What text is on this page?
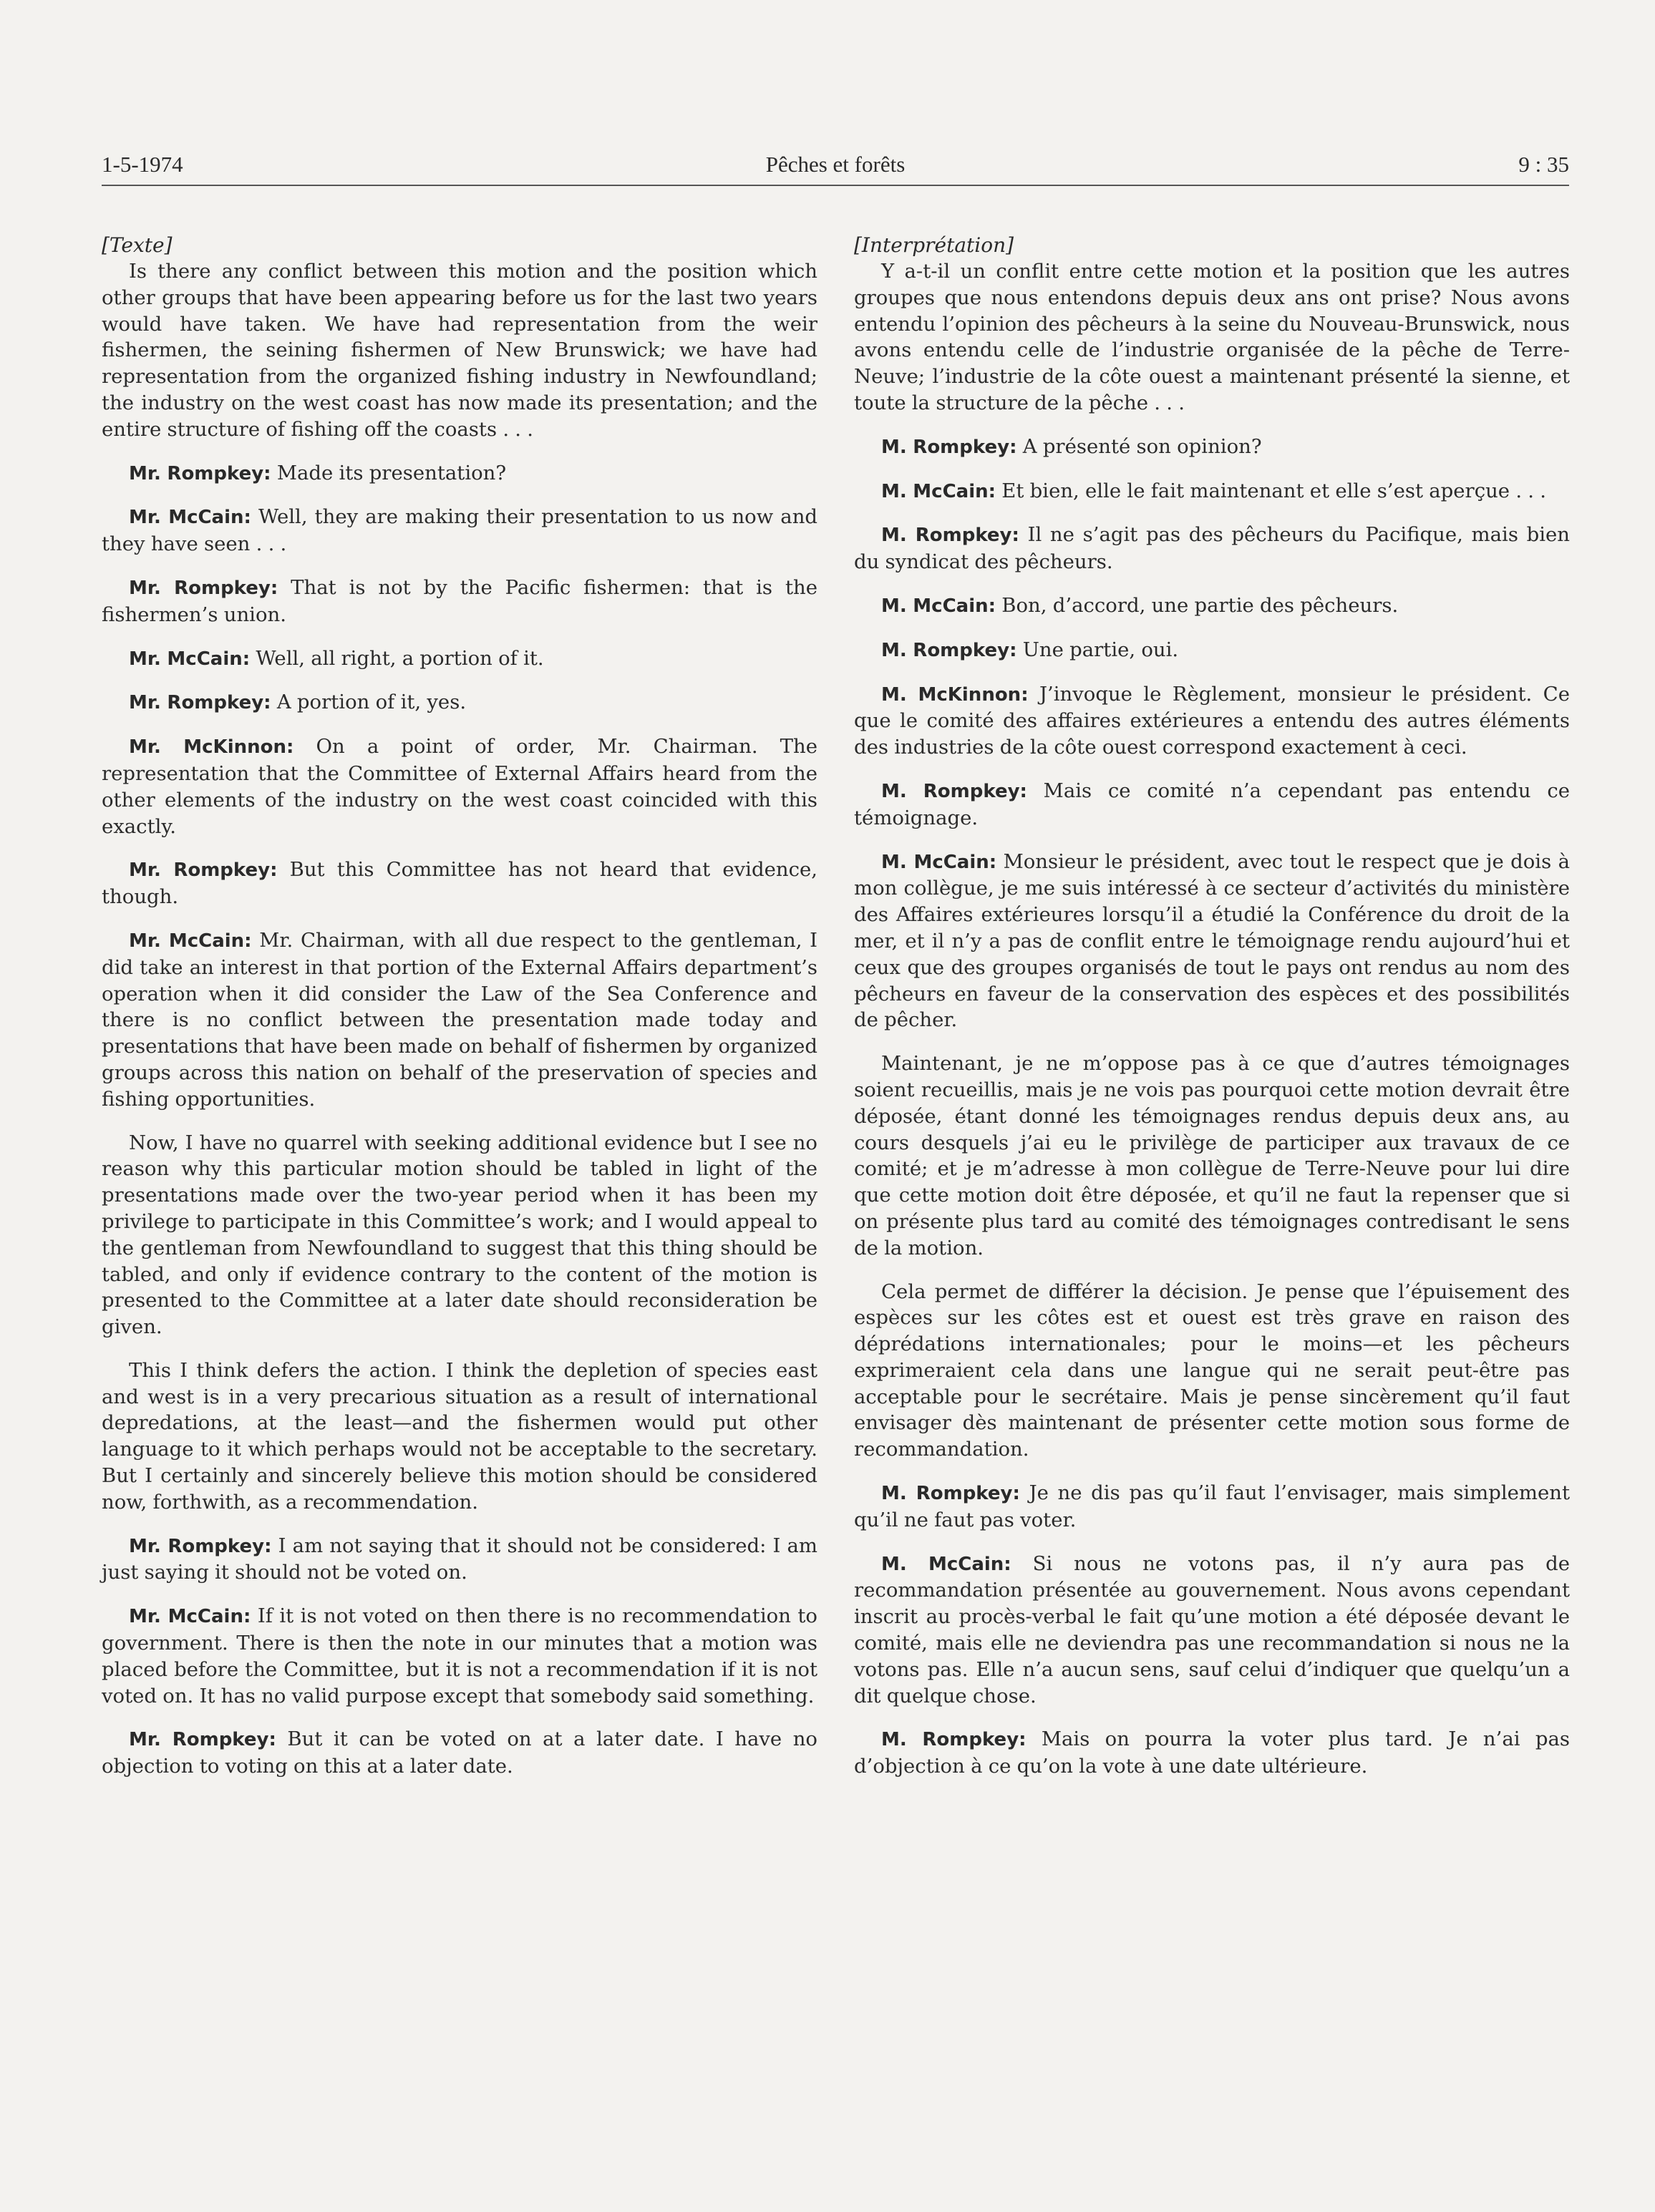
1-5-1974	Pêches et forêts	9 : 35

[Texte]

Is there any conflict between this motion and the position which other groups that have been appearing before us for the last two years would have taken. We have had representation from the weir fishermen, the seining fishermen of New Brunswick; we have had representation from the organized fishing industry in Newfoundland; the industry on the west coast has now made its presentation; and the entire structure of fishing off the coasts . . .

Mr. Rompkey: Made its presentation?

Mr. McCain: Well, they are making their presentation to us now and they have seen . . .

Mr. Rompkey: That is not by the Pacific fishermen: that is the fishermen’s union.

Mr. McCain: Well, all right, a portion of it.

Mr. Rompkey: A portion of it, yes.

Mr. McKinnon: On a point of order, Mr. Chairman. The representation that the Committee of External Affairs heard from the other elements of the industry on the west coast coincided with this exactly.

Mr. Rompkey: But this Committee has not heard that evidence, though.

Mr. McCain: Mr. Chairman, with all due respect to the gentleman, I did take an interest in that portion of the External Affairs department’s operation when it did consider the Law of the Sea Conference and there is no conflict between the presentation made today and presentations that have been made on behalf of fishermen by organized groups across this nation on behalf of the preservation of species and fishing opportunities.

Now, I have no quarrel with seeking additional evidence but I see no reason why this particular motion should be tabled in light of the presentations made over the two-year period when it has been my privilege to participate in this Committee’s work; and I would appeal to the gentleman from Newfoundland to suggest that this thing should be tabled, and only if evidence contrary to the content of the motion is presented to the Committee at a later date should reconsideration be given.

This I think defers the action. I think the depletion of species east and west is in a very precarious situation as a result of international depredations, at the least—and the fishermen would put other language to it which perhaps would not be acceptable to the secretary. But I certainly and sincerely believe this motion should be considered now, forthwith, as a recommendation.

Mr. Rompkey: I am not saying that it should not be considered: I am just saying it should not be voted on.

Mr. McCain: If it is not voted on then there is no recommendation to government. There is then the note in our minutes that a motion was placed before the Committee, but it is not a recommendation if it is not voted on. It has no valid purpose except that somebody said something.

Mr. Rompkey: But it can be voted on at a later date. I have no objection to voting on this at a later date.

[Interprétation]

Y a-t-il un conflit entre cette motion et la position que les autres groupes que nous entendons depuis deux ans ont prise? Nous avons entendu l’opinion des pêcheurs à la seine du Nouveau-Brunswick, nous avons entendu celle de l’industrie organisée de la pêche de Terre-Neuve; l’industrie de la côte ouest a maintenant présenté la sienne, et toute la structure de la pêche . . .

M. Rompkey: A présenté son opinion?

M. McCain: Et bien, elle le fait maintenant et elle s’est aperçue . . .

M. Rompkey: Il ne s’agit pas des pêcheurs du Pacifique, mais bien du syndicat des pêcheurs.

M. McCain: Bon, d’accord, une partie des pêcheurs.

M. Rompkey: Une partie, oui.

M. McKinnon: J’invoque le Règlement, monsieur le président. Ce que le comité des affaires extérieures a entendu des autres éléments des industries de la côte ouest correspond exactement à ceci.

M. Rompkey: Mais ce comité n’a cependant pas entendu ce témoignage.

M. McCain: Monsieur le président, avec tout le respect que je dois à mon collègue, je me suis intéressé à ce secteur d’activités du ministère des Affaires extérieures lorsqu’il a étudié la Conférence du droit de la mer, et il n’y a pas de conflit entre le témoignage rendu aujourd’hui et ceux que des groupes organisés de tout le pays ont rendus au nom des pêcheurs en faveur de la conservation des espèces et des possibilités de pêcher.

Maintenant, je ne m’oppose pas à ce que d’autres témoignages soient recueillis, mais je ne vois pas pourquoi cette motion devrait être déposée, étant donné les témoignages rendus depuis deux ans, au cours desquels j’ai eu le privilège de participer aux travaux de ce comité; et je m’adresse à mon collègue de Terre-Neuve pour lui dire que cette motion doit être déposée, et qu’il ne faut la repenser que si on présente plus tard au comité des témoignages contredisant le sens de la motion.

Cela permet de différer la décision. Je pense que l’épuisement des espèces sur les côtes est et ouest est très grave en raison des déprédations internationales; pour le moins—et les pêcheurs exprimeraient cela dans une langue qui ne serait peut-être pas acceptable pour le secrétaire. Mais je pense sincèrement qu’il faut envisager dès maintenant de présenter cette motion sous forme de recommandation.

M. Rompkey: Je ne dis pas qu’il faut l’envisager, mais simplement qu’il ne faut pas voter.

M. McCain: Si nous ne votons pas, il n’y aura pas de recommandation présentée au gouvernement. Nous avons cependant inscrit au procès-verbal le fait qu’une motion a été déposée devant le comité, mais elle ne deviendra pas une recommandation si nous ne la votons pas. Elle n’a aucun sens, sauf celui d’indiquer que quelqu’un a dit quelque chose.

M. Rompkey: Mais on pourra la voter plus tard. Je n’ai pas d’objection à ce qu’on la vote à une date ultérieure.
